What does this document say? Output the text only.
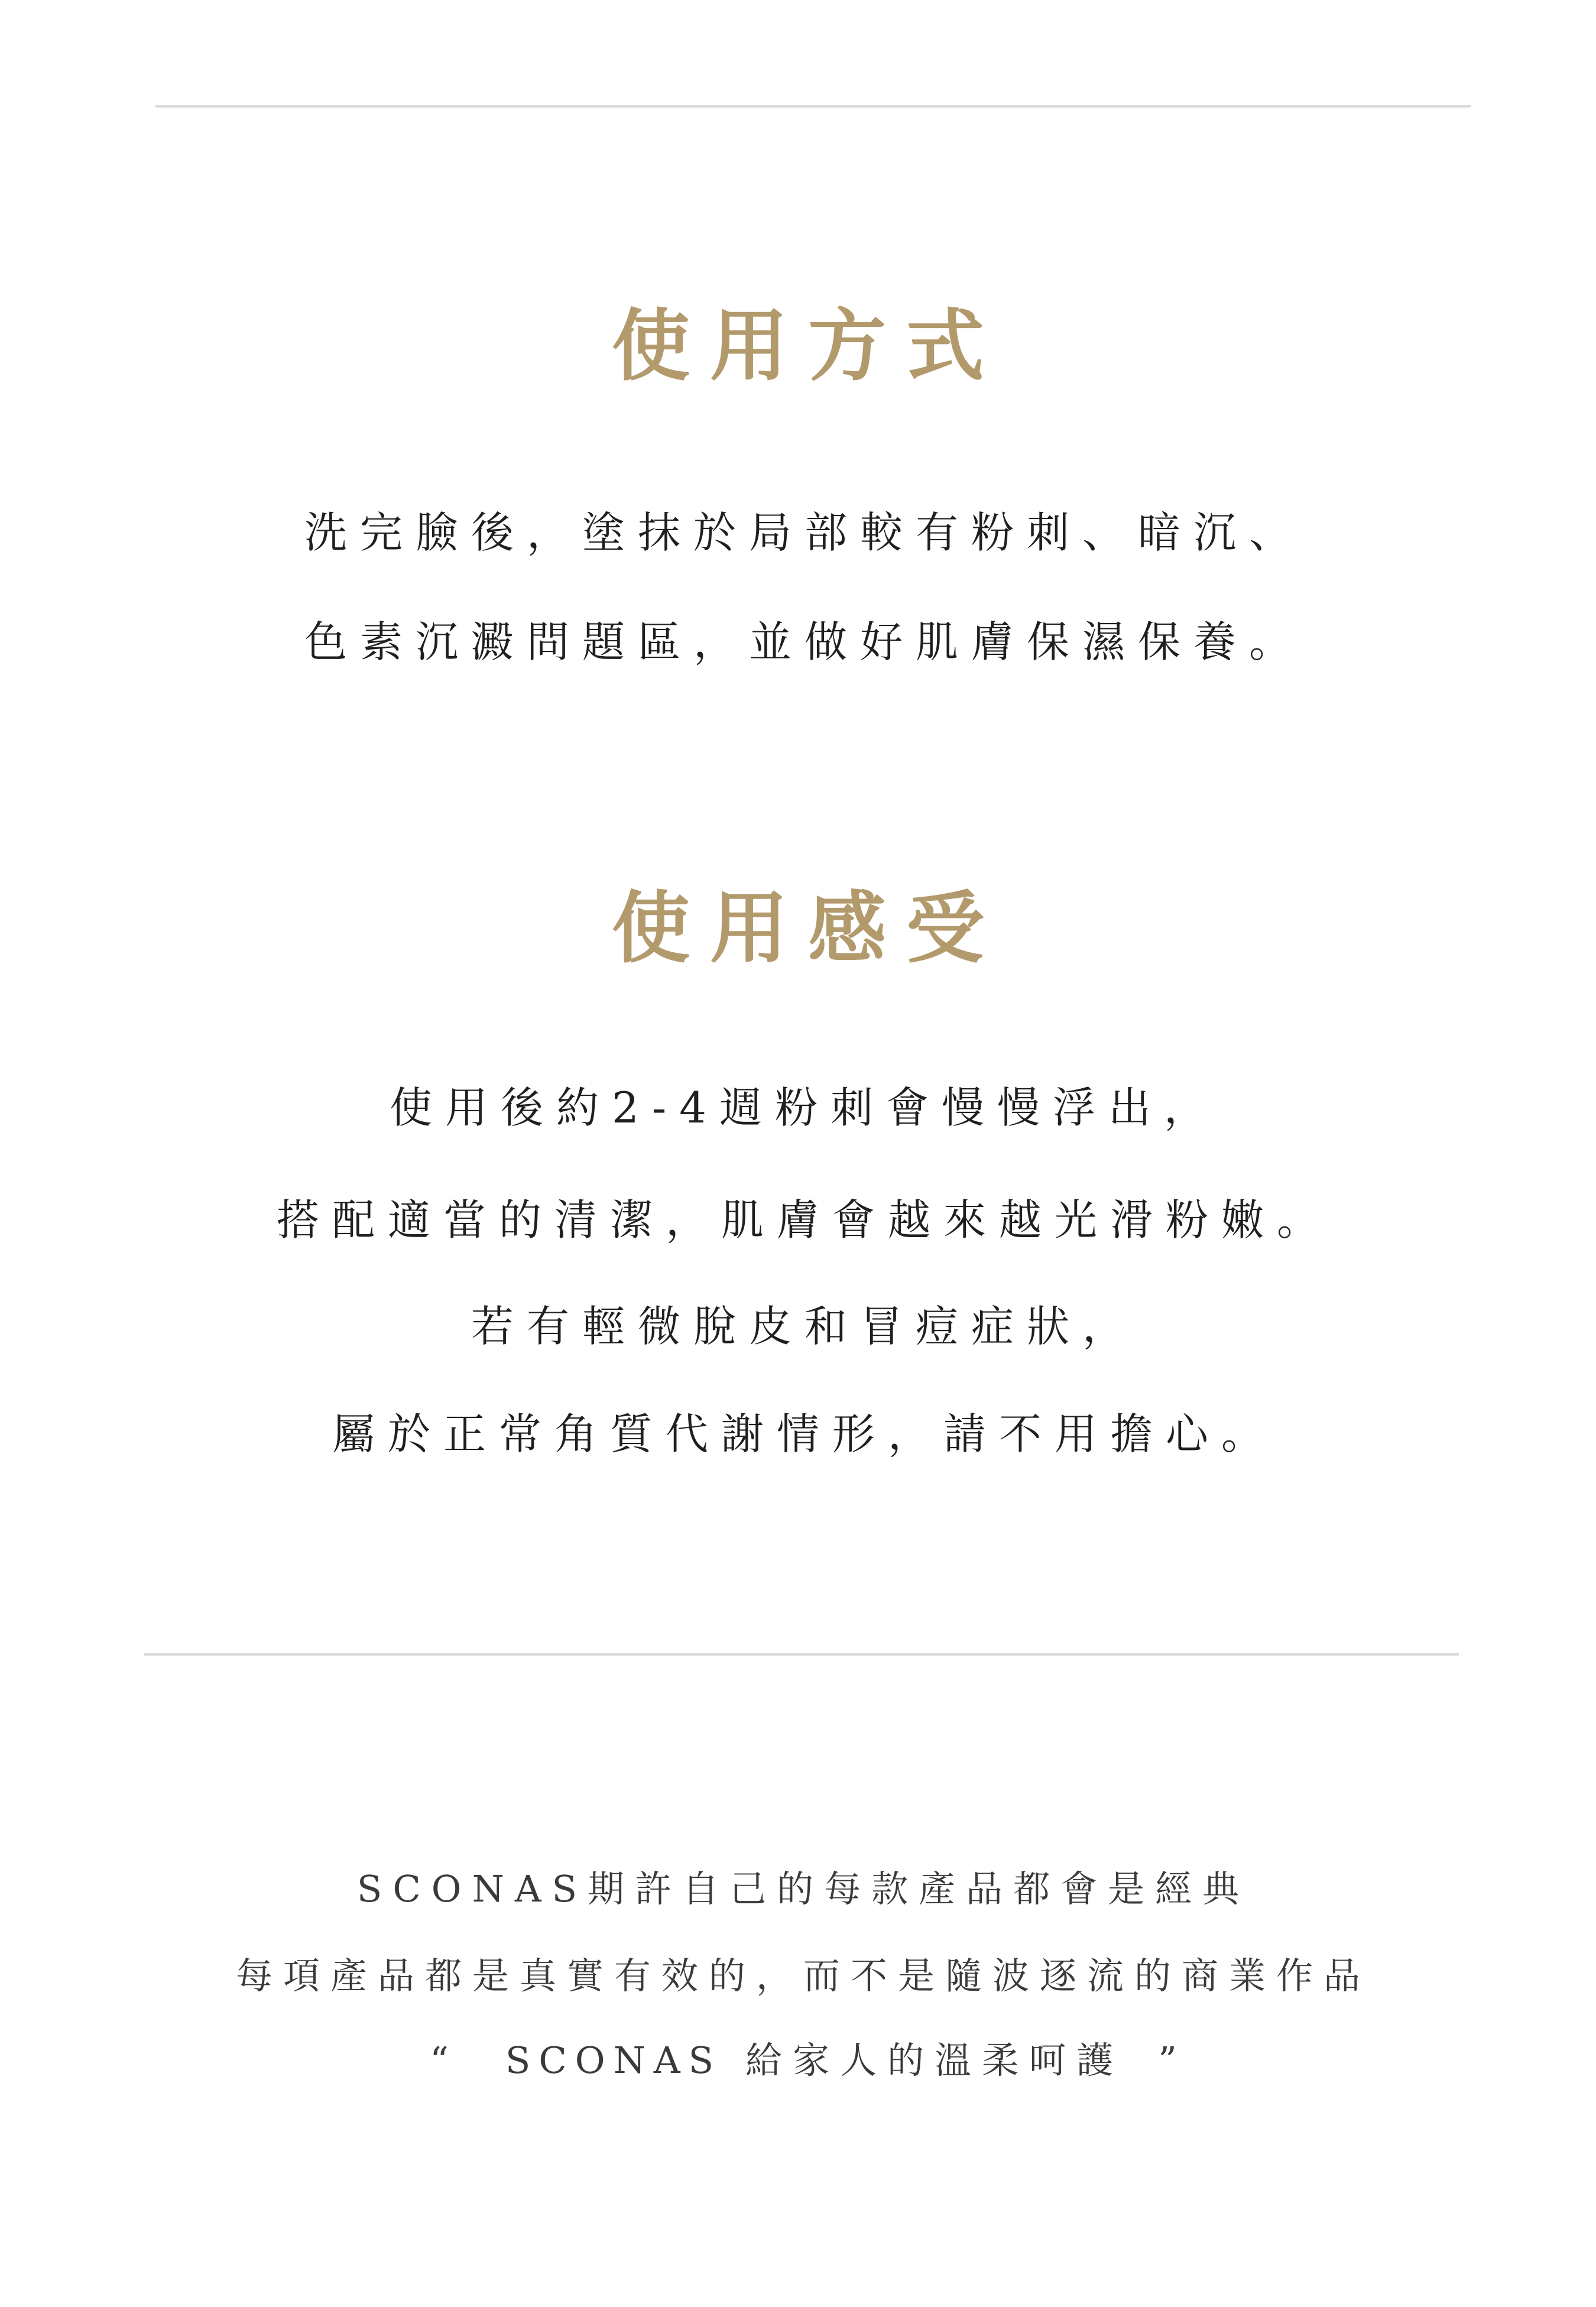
使用方式

洗完臉後，塗抹於局部較有粉刺、暗沉、

色素沉澱問題區，並做好肌膚保濕保養。

使用感受

使用後約2-4週粉刺會慢慢浮出，

搭配適當的清潔，肌膚會越來越光滑粉嫩。

若有輕微脫皮和冒痘症狀，

屬於正常角質代謝情形，請不用擔心。

SCONAS期許自己的每款產品都會是經典

每項產品都是真實有效的，而不是隨波逐流的商業作品

“ SCONAS 給家人的溫柔呵護 ”
